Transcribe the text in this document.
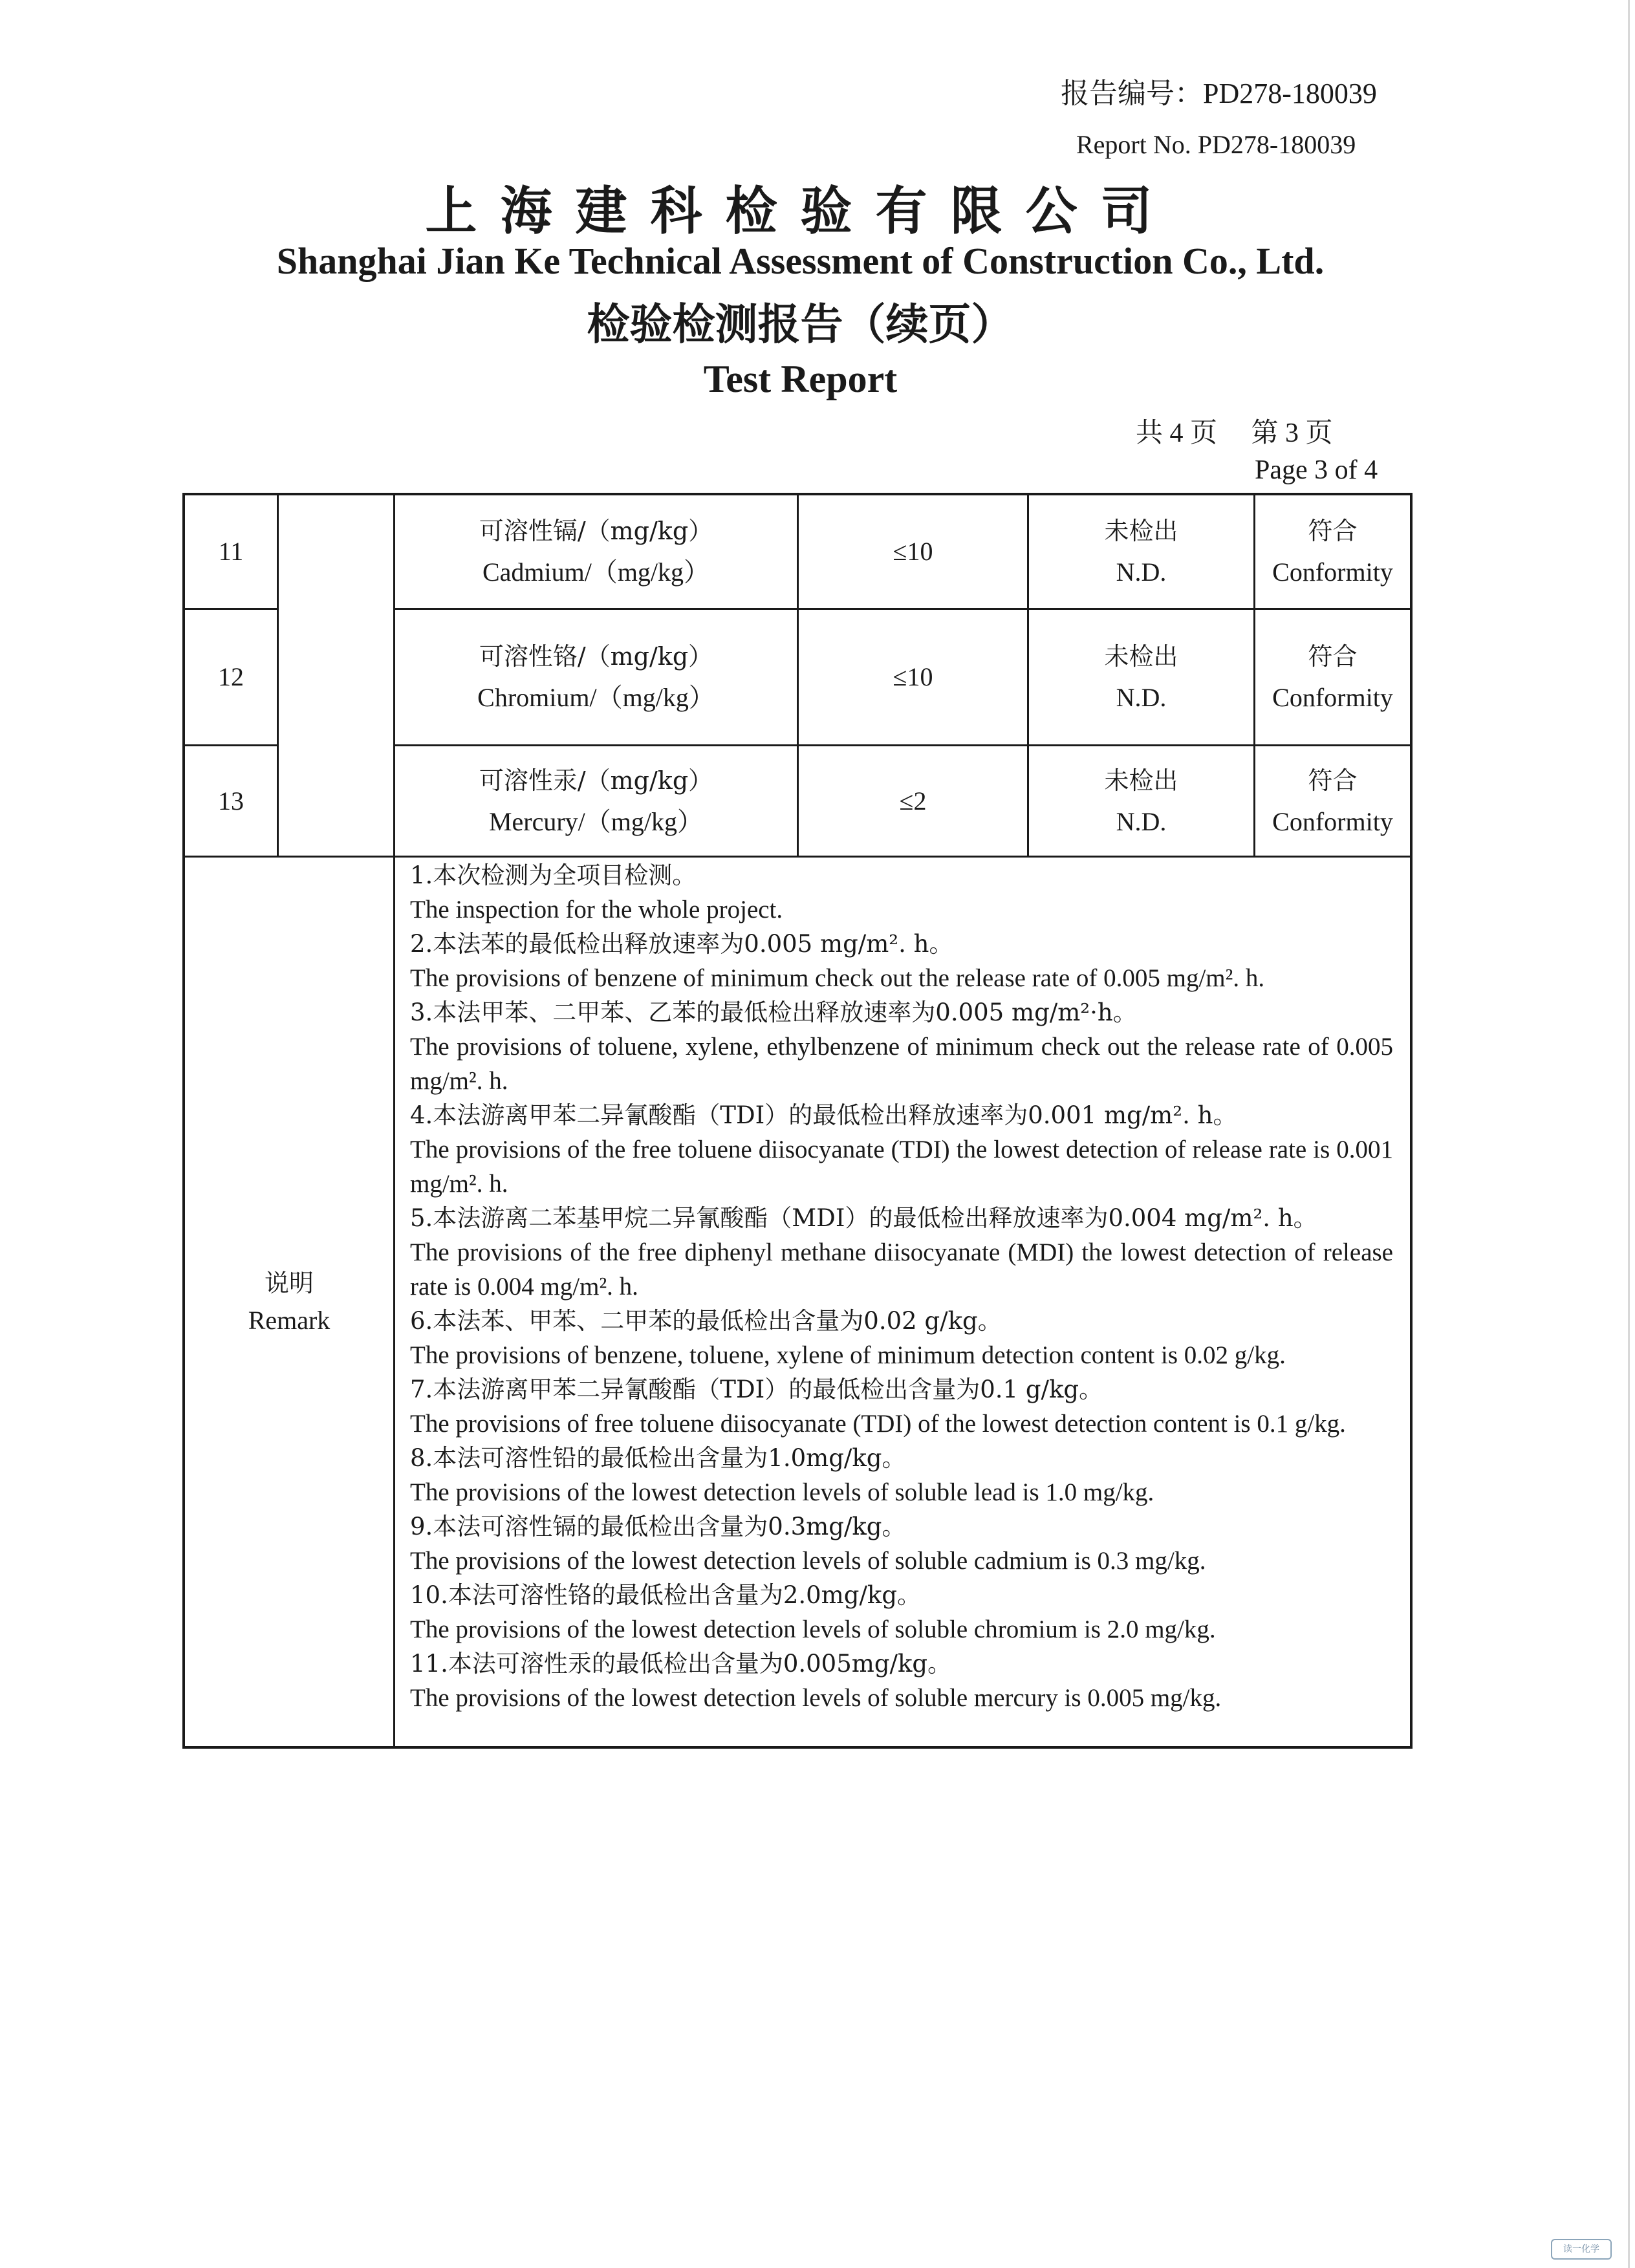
报告编号：PD278-180039
Report No. PD278-180039
上海建科检验有限公司
Shanghai Jian Ke Technical Assessment of Construction Co., Ltd.
检验检测报告（续页）
Test Report
共 4 页　 第 3 页
Page 3 of 4
11
可溶性镉/（mg/kg）
Cadmium/（mg/kg）
≤10
未检出
N.D.
符合
Conformity
12
可溶性铬/（mg/kg）
Chromium/（mg/kg）
≤10
未检出
N.D.
符合
Conformity
13
可溶性汞/（mg/kg）
Mercury/（mg/kg）
≤2
未检出
N.D.
符合
Conformity
说明
Remark

1.本次检测为全项目检测。

The inspection for the whole project.

2.本法苯的最低检出释放速率为0.005 mg/m². h。

The provisions of benzene of minimum check out the release rate of 0.005 mg/m². h.

3.本法甲苯、二甲苯、乙苯的最低检出释放速率为0.005 mg/m²·h。

The provisions of toluene, xylene, ethylbenzene of minimum check out the release rate of 0.005 mg/m². h.

4.本法游离甲苯二异氰酸酯（TDI）的最低检出释放速率为0.001 mg/m². h。

The provisions of the free toluene diisocyanate (TDI) the lowest detection of release rate is 0.001 mg/m². h.

5.本法游离二苯基甲烷二异氰酸酯（MDI）的最低检出释放速率为0.004 mg/m². h。

The provisions of the free diphenyl methane diisocyanate (MDI) the lowest detection of release rate is 0.004 mg/m². h.

6.本法苯、甲苯、二甲苯的最低检出含量为0.02 g/kg。

The provisions of benzene, toluene, xylene of minimum detection content is 0.02 g/kg.

7.本法游离甲苯二异氰酸酯（TDI）的最低检出含量为0.1 g/kg。

The provisions of free toluene diisocyanate (TDI) of the lowest detection content is 0.1 g/kg.

8.本法可溶性铅的最低检出含量为1.0mg/kg。

The provisions of the lowest detection levels of soluble lead is 1.0 mg/kg.

9.本法可溶性镉的最低检出含量为0.3mg/kg。

The provisions of the lowest detection levels of soluble cadmium is 0.3 mg/kg.

10.本法可溶性铬的最低检出含量为2.0mg/kg。

The provisions of the lowest detection levels of soluble chromium is 2.0 mg/kg.

11.本法可溶性汞的最低检出含量为0.005mg/kg。

The provisions of the lowest detection levels of soluble mercury is 0.005 mg/kg.

读一化学
